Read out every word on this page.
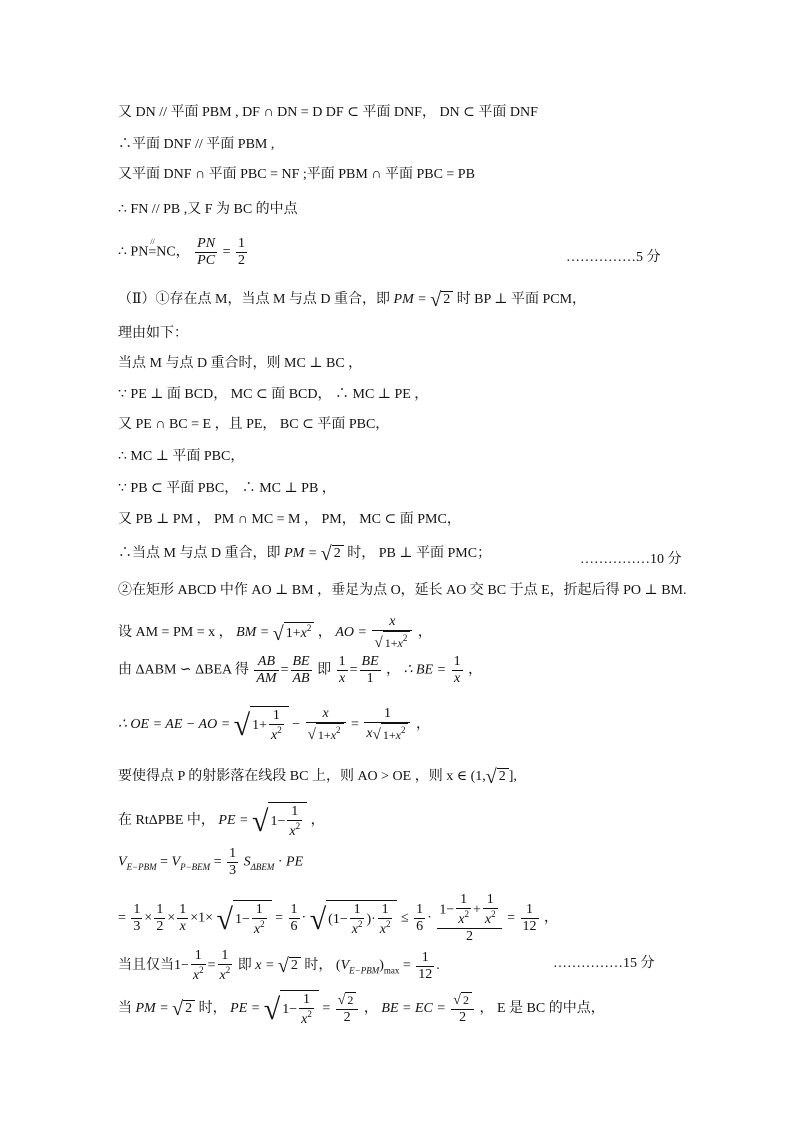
又 DN // 平面 PBM , DF ∩ DN = D DF ⊂ 平面 DNF， DN ⊂ 平面 DNF
∴平面 DNF // 平面 PBM ,
又平面 DNF ∩ 平面 PBC = NF ;平面 PBM ∩ 平面 PBC = PB
∴ FN // PB ,又 F 为 BC 的中点
∴ PN
//
=NC， $\frac{PN}{PC} = \frac{1}{2}$	……………5 分
（Ⅱ）①存在点 M，当点 M 与点 D 重合，即 PM = √ 2 时 BP ⊥ 平面 PCM，
理由如下：
当点 M 与点 D 重合时，则 MC ⊥ BC ，
∵ PE ⊥ 面 BCD， MC ⊂ 面 BCD， ∴ MC ⊥ PE ，
又 PE ∩ BC = E ，且 PE， BC ⊂ 平面 PBC，
∴ MC ⊥ 平面 PBC，
∵ PB ⊂ 平面 PBC， ∴ MC ⊥ PB ，
又 PB ⊥ PM ， PM ∩ MC = M ， PM， MC ⊂ 面 PMC，
∴当点 M 与点 D 重合，即 PM = √ 2 时， PB ⊥ 平面 PMC；	……………10 分
②在矩形 ABCD 中作 AO ⊥ BM ，垂足为点 O，延长 AO 交 BC 于点 E，折起后得 PO ⊥ BM.
设 AM = PM = x ， BM = √ $1+x^2$ ， AO = $\frac{x}{√ 1+x^2}$ ，
由 ΔABM ∽ ΔBEA 得 $\frac{AB}{AM} = \frac{BE}{AB}$ 即 $\frac{1}{x} = \frac{BE}{1}$ ， ∴ BE = $\frac{1}{x}$ ，
∴ OE = AE − AO = √ $1+ \frac{1}{x^2} - \frac{x}{√ 1+x^2} = \frac{1}{x√ 1+x^2}$ ，
要使得点 P 的射影落在线段 BC 上，则 AO > OE ，则 x ∈ (1,√ 2 ],
在 RtΔPBE 中， PE = √ $1- \frac{1}{x^2}$ ，
$V_{E-PBM} = V_{P-BEM} = \frac{1}{3} S_{\Delta BEM}$ · PE
= $\frac{1}{3} \times \frac{1}{2} \times \frac{1}{x} \times 1\times$ √ $1- \frac{1}{x^2} = \frac{1}{6}$ · √ ($1- \frac{1}{x^2}$ )· $\frac{1}{x^2} \le \frac{1}{6} \cdot \frac{1- \frac{1}{x^2} + \frac{1}{x^2}}{2} = \frac{1}{12}$ ，
当且仅当$1- \frac{1}{x^2} = \frac{1}{x^2}$ 即 x = √ 2 时， $(V_{E-PBM})_{max} = \frac{1}{12}$ .	……………15 分
当 PM = √ 2 时， PE = √ $1- \frac{1}{x^2} = \frac{√ 2}{2}$ ， BE = EC = $\frac{√ 2}{2}$ ， E 是 BC 的中点，
